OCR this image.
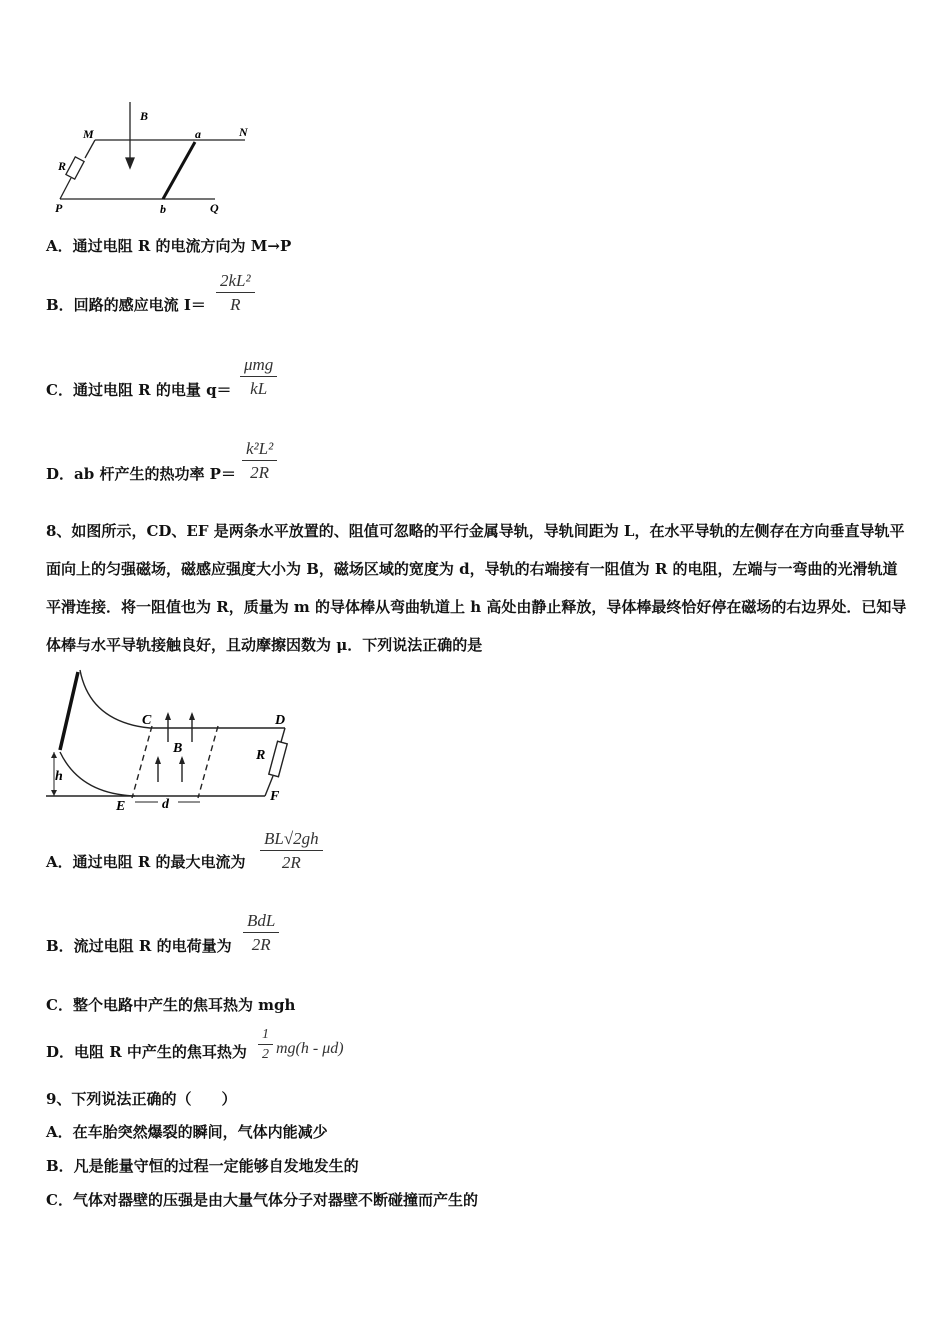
B
M	a	N
R
P	b	Q
A．通过电阻 R 的电流方向为 M→P
B．回路的感应电流 $I= \frac{\text{2kL²}}{R}$
C．通过电阻 R 的电量 q＝
μmg
kL
D．ab 杆产生的热功率 $P= \frac{\text{k²L²}}{2R}$
8、如图所示，CD、EF 是两条水平放置的、阻值可忽略的平行金属导轨，导轨间距为 L，在水平导轨的左侧存在方向垂直导轨平面向上的匀强磁场，磁感应强度大小为 B，磁场区域的宽度为 d，导轨的右端接有一阻值为 R 的电阻，左端与一弯曲的光滑轨道平滑连接．将一阻值也为 R，质量为 m 的导体棒从弯曲轨道上 h 高处由静止释放，导体棒最终恰好停在磁场的右边界处．已知导体棒与水平导轨接触良好，且动摩擦因数为 μ．下列说法正确的是
C	D
B	R
h
E	d
F
A．通过电阻 R 的最大电流为 $\frac{BL√2gh}{2R}$
B．流过电阻 R 的电荷量为
BdL
2R
C．整个电路中产生的焦耳热为 mgh
D．电阻 R 中产生的焦耳热为 $\frac{1}{2} mg(h - \mu d)$
9、下列说法正确的（　　）
A．在车胎突然爆裂的瞬间，气体内能减少
B．凡是能量守恒的过程一定能够自发地发生的
C．气体对器壁的压强是由大量气体分子对器壁不断碰撞而产生的
